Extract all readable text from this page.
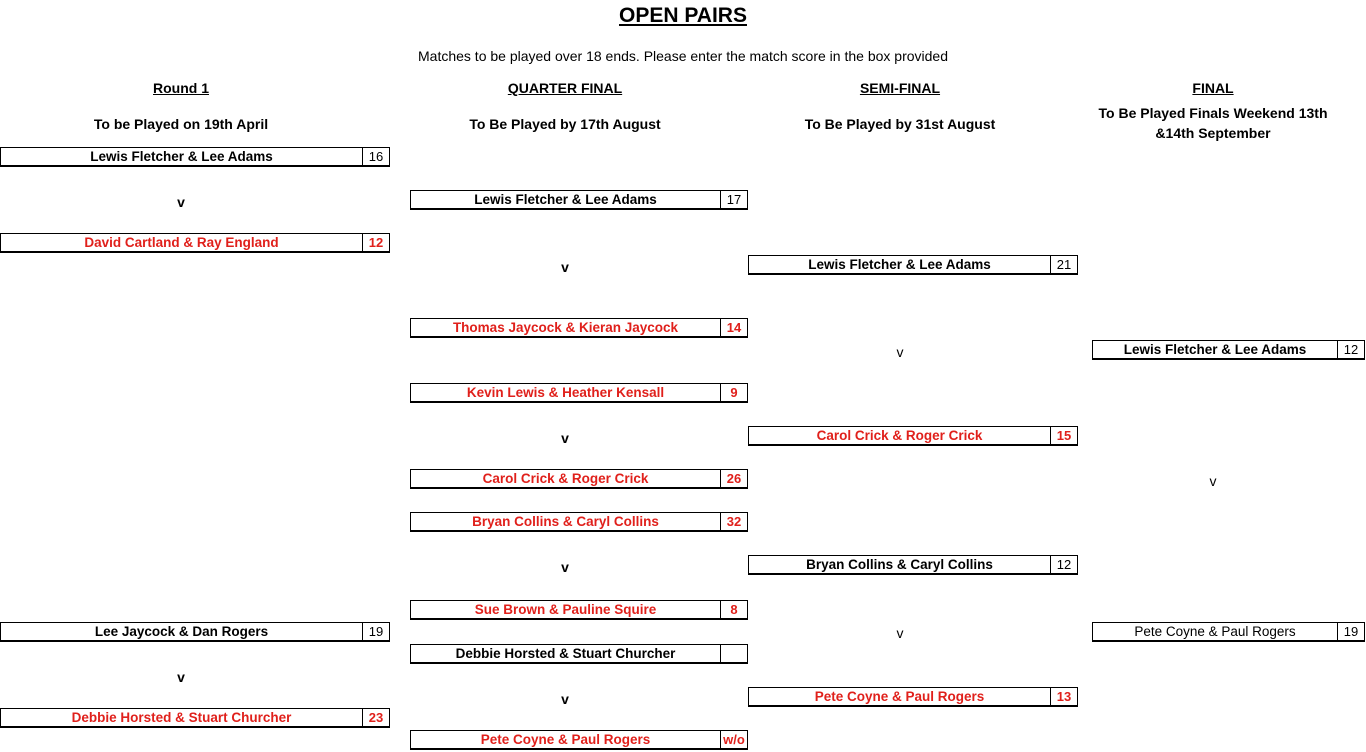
OPEN PAIRS
Matches to be played over 18 ends. Please enter the match score in the box provided
Round 1
To be Played on 19th April
QUARTER FINAL
To Be Played by 17th August
SEMI-FINAL
To Be Played by 31st August
FINAL
To Be Played Finals Weekend 13th &14th September
Lewis Fletcher & Lee Adams	16
v
David Cartland & Ray England	12
Lee Jaycock & Dan Rogers	19
v
Debbie Horsted & Stuart Churcher	23
Lewis Fletcher & Lee Adams	17
v
Thomas Jaycock & Kieran Jaycock	14
Kevin Lewis & Heather Kensall	9
v
Carol Crick & Roger Crick	26
Bryan Collins & Caryl Collins	32
v
Sue Brown & Pauline Squire	8
Debbie Horsted & Stuart Churcher
v
Pete Coyne & Paul Rogers	w/o
Lewis Fletcher & Lee Adams	21
v
Carol Crick & Roger Crick	15
Bryan Collins & Caryl Collins	12
v
Pete Coyne & Paul Rogers	13
Lewis Fletcher & Lee Adams	12
v
Pete Coyne & Paul Rogers	19
